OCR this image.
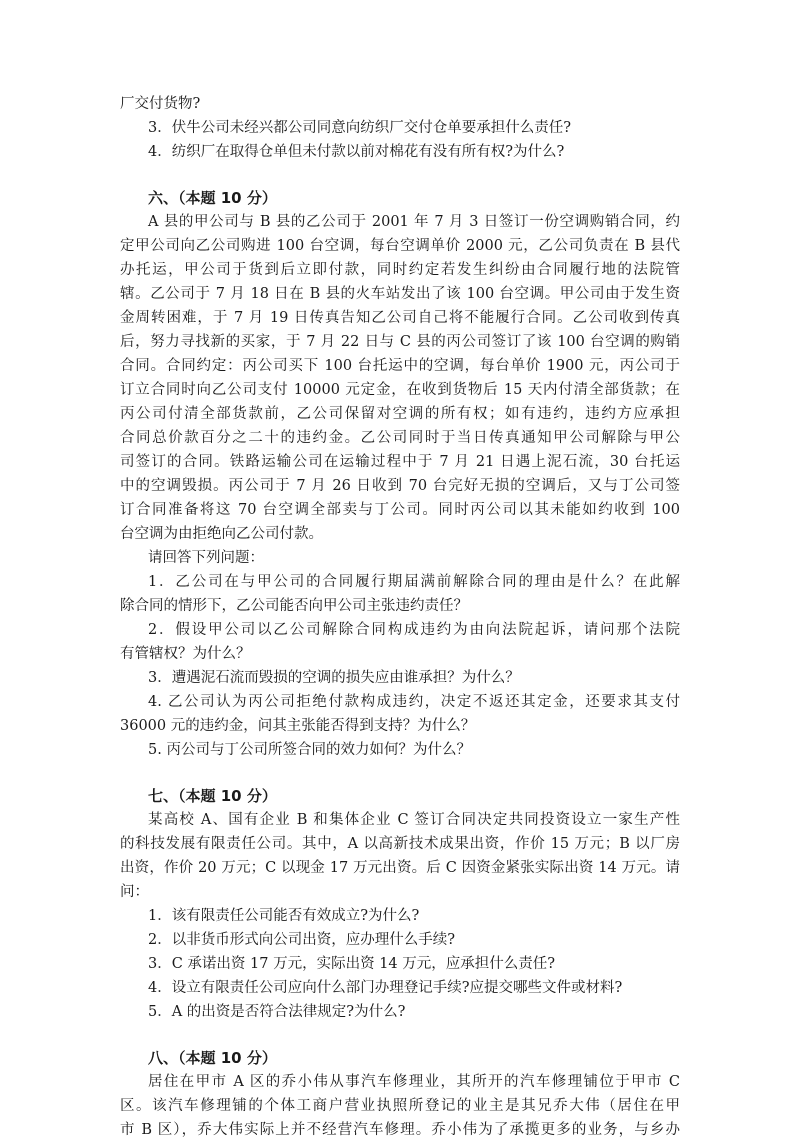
厂交付货物?
3．伏牛公司未经兴都公司同意向纺织厂交付仓单要承担什么责任?
4．纺织厂在取得仓单但未付款以前对棉花有没有所有权?为什么?
六、（本题 10 分）
A 县的甲公司与 B 县的乙公司于 2001 年 7 月 3 日签订一份空调购销合同，约
定甲公司向乙公司购进 100 台空调，每台空调单价 2000 元，乙公司负责在 B 县代
办托运，甲公司于货到后立即付款，同时约定若发生纠纷由合同履行地的法院管
辖。乙公司于 7 月 18 日在 B 县的火车站发出了该 100 台空调。甲公司由于发生资
金周转困难，于 7 月 19 日传真告知乙公司自己将不能履行合同。乙公司收到传真
后，努力寻找新的买家，于 7 月 22 日与 C 县的丙公司签订了该 100 台空调的购销
合同。合同约定：丙公司买下 100 台托运中的空调，每台单价 1900 元，丙公司于
订立合同时向乙公司支付 10000 元定金，在收到货物后 15 天内付清全部货款；在
丙公司付清全部货款前，乙公司保留对空调的所有权；如有违约，违约方应承担
合同总价款百分之二十的违约金。乙公司同时于当日传真通知甲公司解除与甲公
司签订的合同。铁路运输公司在运输过程中于 7 月 21 日遇上泥石流，30 台托运
中的空调毁损。丙公司于 7 月 26 日收到 70 台完好无损的空调后，又与丁公司签
订合同准备将这 70 台空调全部卖与丁公司。同时丙公司以其未能如约收到 100
台空调为由拒绝向乙公司付款。
请回答下列问题：
1．乙公司在与甲公司的合同履行期届满前解除合同的理由是什么？在此解
除合同的情形下，乙公司能否向甲公司主张违约责任？
2．假设甲公司以乙公司解除合同构成违约为由向法院起诉，请问那个法院
有管辖权？为什么？
3．遭遇泥石流而毁损的空调的损失应由谁承担？为什么？
4. 乙公司认为丙公司拒绝付款构成违约，决定不返还其定金，还要求其支付
36000 元的违约金，问其主张能否得到支持？为什么？
5. 丙公司与丁公司所签合同的效力如何？为什么？
七、（本题 10 分）
某高校 A、国有企业 B 和集体企业 C 签订合同决定共同投资设立一家生产性
的科技发展有限责任公司。其中，A 以高新技术成果出资，作价 15 万元；B 以厂房
出资，作价 20 万元；C 以现金 17 万元出资。后 C 因资金紧张实际出资 14 万元。请
问：
1．该有限责任公司能否有效成立?为什么?
2．以非货币形式向公司出资，应办理什么手续?
3．C 承诺出资 17 万元，实际出资 14 万元，应承担什么责任?
4．设立有限责任公司应向什么部门办理登记手续?应提交哪些文件或材料?
5．A 的出资是否符合法律规定?为什么?
八、（本题 10 分）
居住在甲市 A 区的乔小伟从事汽车修理业，其所开的汽车修理铺位于甲市 C
区。该汽车修理铺的个体工商户营业执照所登记的业主是其兄乔大伟（居住在甲
市 B 区），乔大伟实际上并不经营汽车修理。乔小伟为了承揽更多的业务，与乡办
